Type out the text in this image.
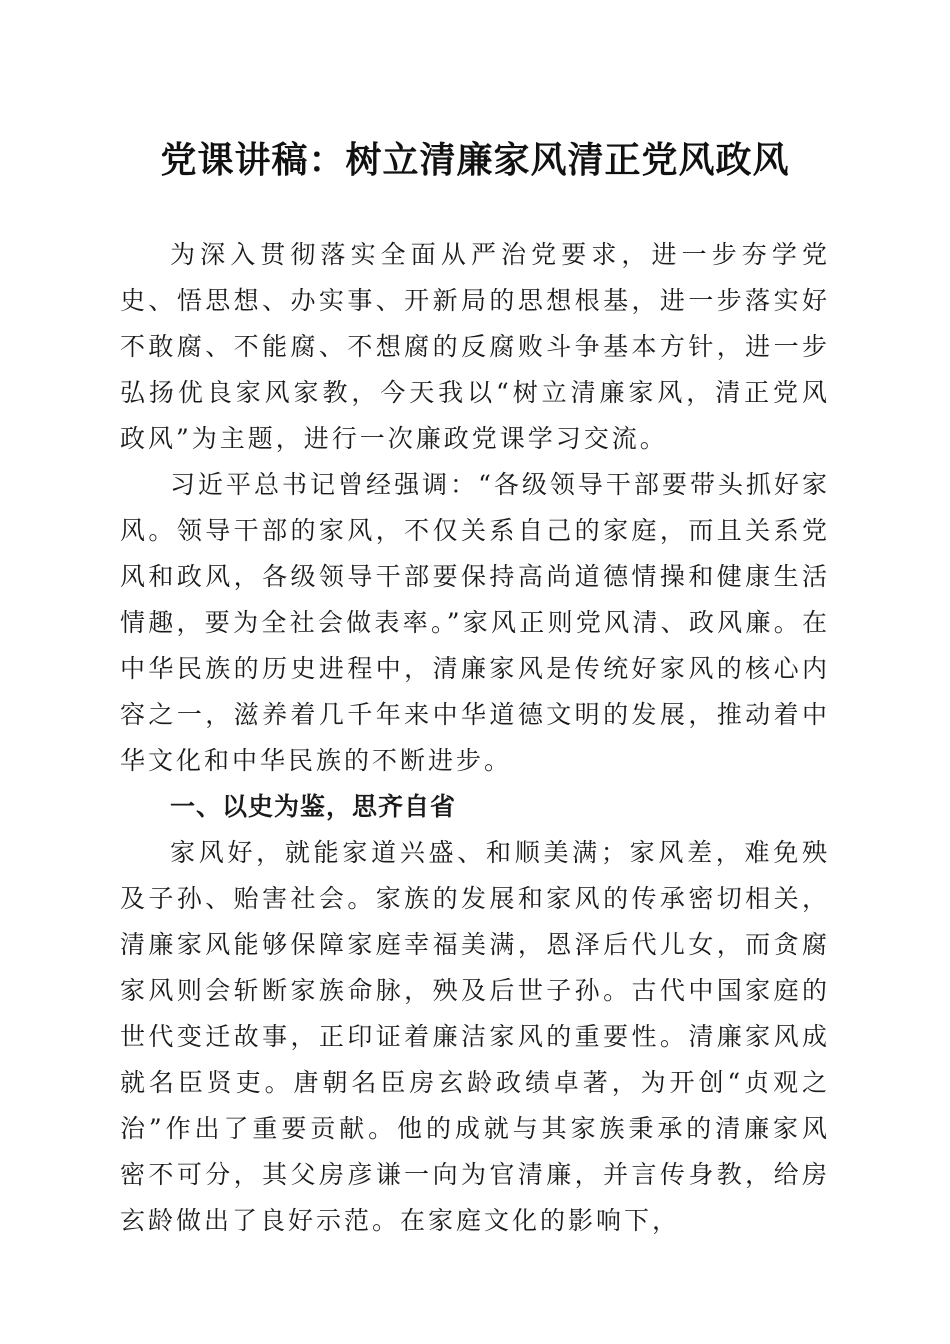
党课讲稿：树立清廉家风清正党风政风

为深入贯彻落实全面从严治党要求，进一步夯学党史、悟思想、办实事、开新局的思想根基，进一步落实好不敢腐、不能腐、不想腐的反腐败斗争基本方针，进一步弘扬优良家风家教，今天我以“树立清廉家风，清正党风政风”为主题，进行一次廉政党课学习交流。

习近平总书记曾经强调：“各级领导干部要带头抓好家风。领导干部的家风，不仅关系自己的家庭，而且关系党风和政风，各级领导干部要保持高尚道德情操和健康生活情趣，要为全社会做表率。”家风正则党风清、政风廉。在中华民族的历史进程中，清廉家风是传统好家风的核心内容之一，滋养着几千年来中华道德文明的发展，推动着中华文化和中华民族的不断进步。

一、以史为鉴，思齐自省

家风好，就能家道兴盛、和顺美满；家风差，难免殃及子孙、贻害社会。家族的发展和家风的传承密切相关，清廉家风能够保障家庭幸福美满，恩泽后代儿女，而贪腐家风则会斩断家族命脉，殃及后世子孙。古代中国家庭的世代变迁故事，正印证着廉洁家风的重要性。清廉家风成就名臣贤吏。唐朝名臣房玄龄政绩卓著，为开创“贞观之治”作出了重要贡献。他的成就与其家族秉承的清廉家风密不可分，其父房彦谦一向为官清廉，并言传身教，给房玄龄做出了良好示范。在家庭文化的影响下，
